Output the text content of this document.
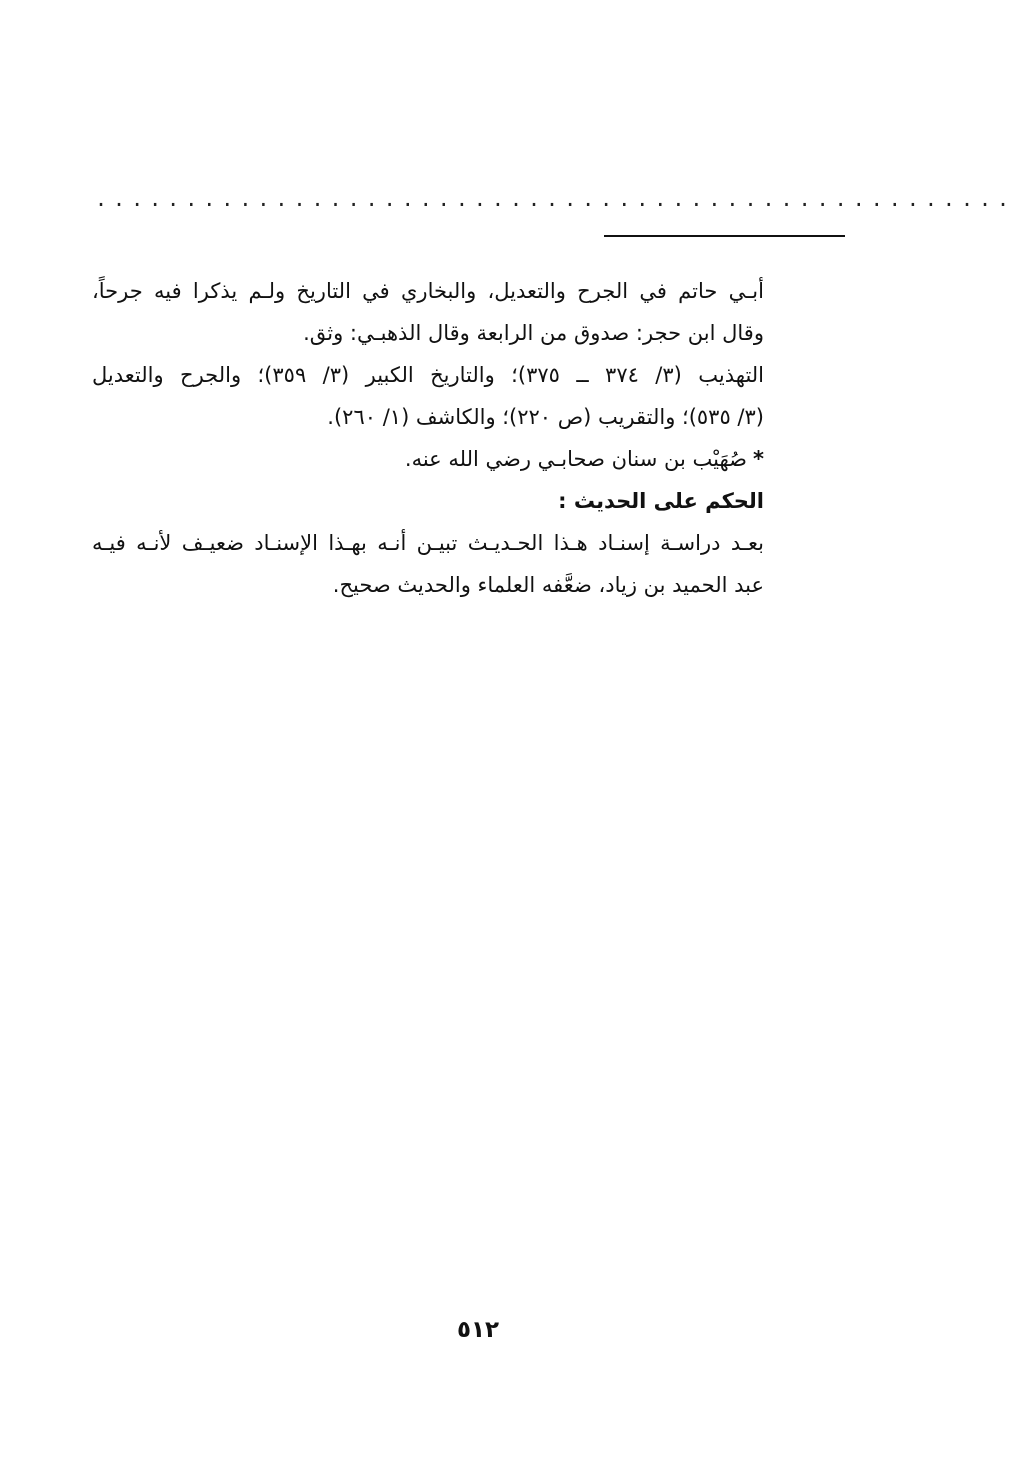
...................................................
أبـي حاتم في الجرح والتعديل، والبخاري في التاريخ ولـم يذكرا فيه جرحاً،
وقال ابن حجر: صدوق من الرابعة وقال الذهبـي: وثق.
التهذيب (٣/ ٣٧٤ ــ ٣٧٥)؛ والتاريخ الكبير (٣/ ٣٥٩)؛ والجرح والتعديل
(٣/ ٥٣٥)؛ والتقريب (ص ٢٢٠)؛ والكاشف (١/ ٢٦٠).
*صُهَيْب بن سنان صحابـي رضي الله عنه.
الحكم على الحديث :
بعـد دراسـة إسنـاد هـذا الحـديـث تبيـن أنـه بهـذا الإسنـاد ضعيـف لأنـه فيـه
عبد الحميد بن زياد، ضعَّفه العلماء والحديث صحيح.
٥١٢
